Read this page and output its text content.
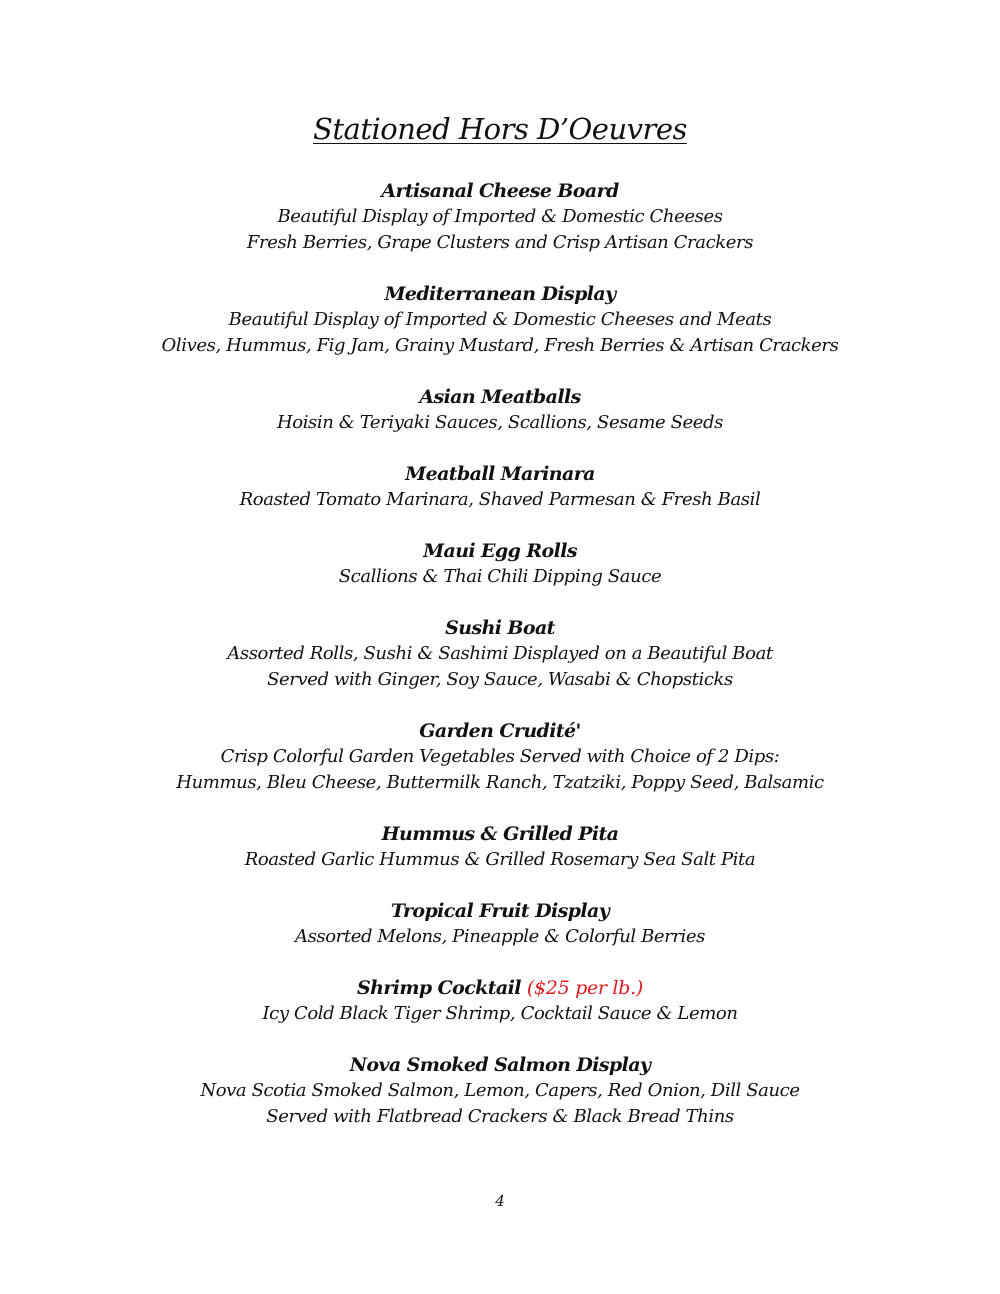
Stationed Hors D’Oeuvres
Artisanal Cheese Board
Beautiful Display of Imported & Domestic Cheeses
Fresh Berries, Grape Clusters and Crisp Artisan Crackers
Mediterranean Display
Beautiful Display of Imported & Domestic Cheeses and Meats
Olives, Hummus, Fig Jam, Grainy Mustard, Fresh Berries & Artisan Crackers
Asian Meatballs
Hoisin & Teriyaki Sauces, Scallions, Sesame Seeds
Meatball Marinara
Roasted Tomato Marinara, Shaved Parmesan & Fresh Basil
Maui Egg Rolls
Scallions & Thai Chili Dipping Sauce
Sushi Boat
Assorted Rolls, Sushi & Sashimi Displayed on a Beautiful Boat
Served with Ginger, Soy Sauce, Wasabi & Chopsticks
Garden Crudité'
Crisp Colorful Garden Vegetables Served with Choice of 2 Dips:
Hummus, Bleu Cheese, Buttermilk Ranch, Tzatziki, Poppy Seed, Balsamic
Hummus & Grilled Pita
Roasted Garlic Hummus & Grilled Rosemary Sea Salt Pita
Tropical Fruit Display
Assorted Melons, Pineapple & Colorful Berries
Shrimp Cocktail ($25 per lb.)
Icy Cold Black Tiger Shrimp, Cocktail Sauce & Lemon
Nova Smoked Salmon Display
Nova Scotia Smoked Salmon, Lemon, Capers, Red Onion, Dill Sauce
Served with Flatbread Crackers & Black Bread Thins
4
